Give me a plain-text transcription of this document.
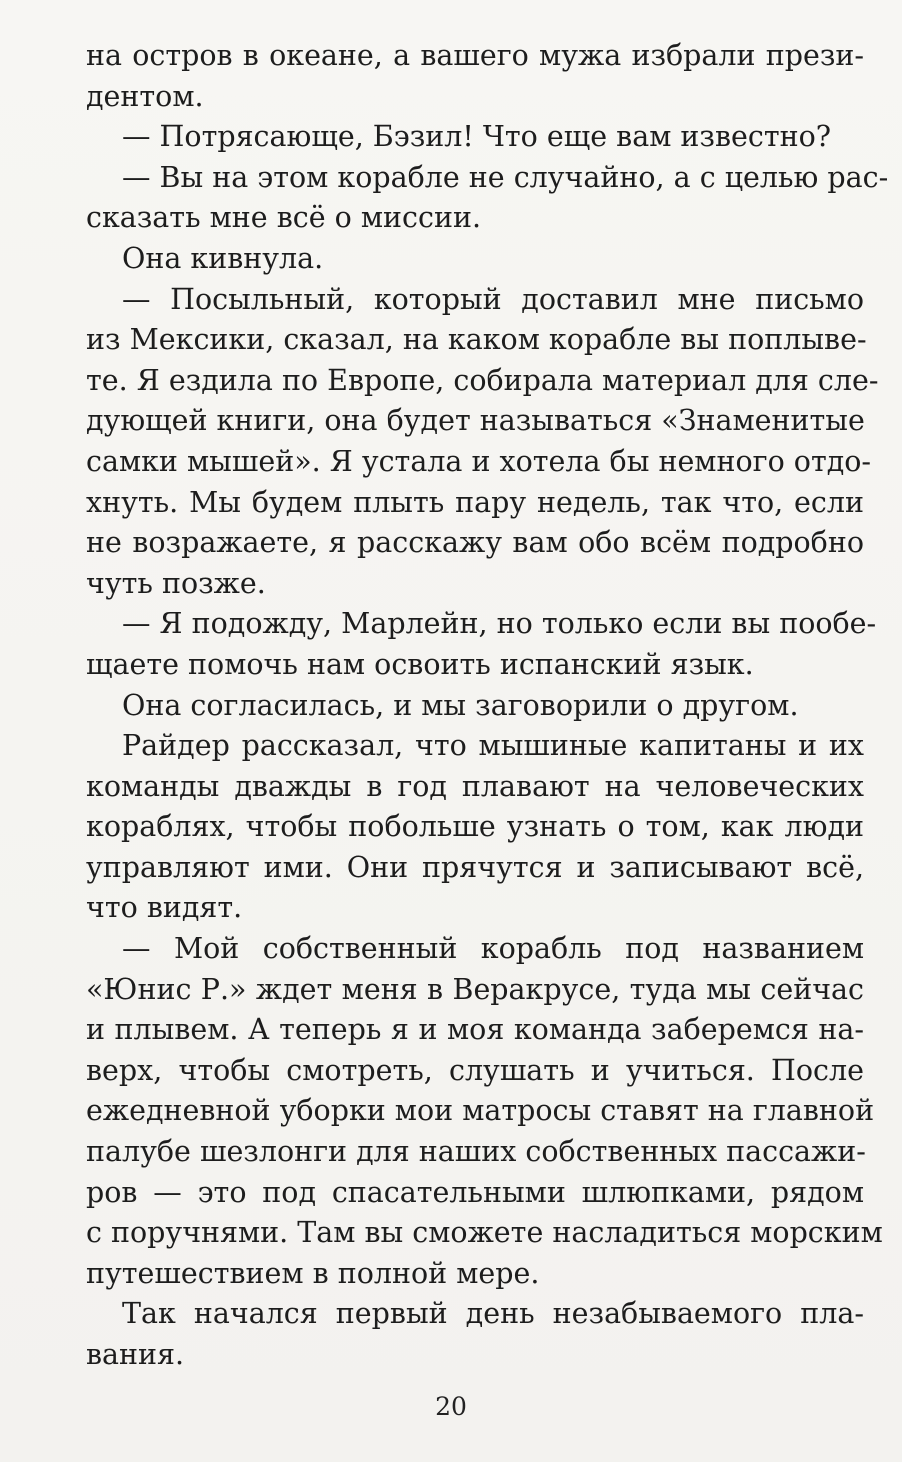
на остров в океане, а вашего мужа избрали прези-
дентом.
— Потрясающе, Бэзил! Что еще вам известно?
— Вы на этом корабле не случайно, а с целью рас-
сказать мне всё о миссии.
Она кивнула.
— Посыльный, который доставил мне письмо
из Мексики, сказал, на каком корабле вы поплыве-
те. Я ездила по Европе, собирала материал для сле-
дующей книги, она будет называться «Знаменитые
самки мышей». Я устала и хотела бы немного отдо-
хнуть. Мы будем плыть пару недель, так что, если
не возражаете, я расскажу вам обо всём подробно
чуть позже.
— Я подожду, Марлейн, но только если вы пообе-
щаете помочь нам освоить испанский язык.
Она согласилась, и мы заговорили о другом.
Райдер рассказал, что мышиные капитаны и их
команды дважды в год плавают на человеческих
кораблях, чтобы побольше узнать о том, как люди
управляют ими. Они прячутся и записывают всё,
что видят.
— Мой собственный корабль под названием
«Юнис Р.» ждет меня в Веракрусе, туда мы сейчас
и плывем. А теперь я и моя команда заберемся на-
верх, чтобы смотреть, слушать и учиться. После
ежедневной уборки мои матросы ставят на главной
палубе шезлонги для наших собственных пассажи-
ров — это под спасательными шлюпками, рядом
с поручнями. Там вы сможете насладиться морским
путешествием в полной мере.
Так начался первый день незабываемого пла-
вания.
20
